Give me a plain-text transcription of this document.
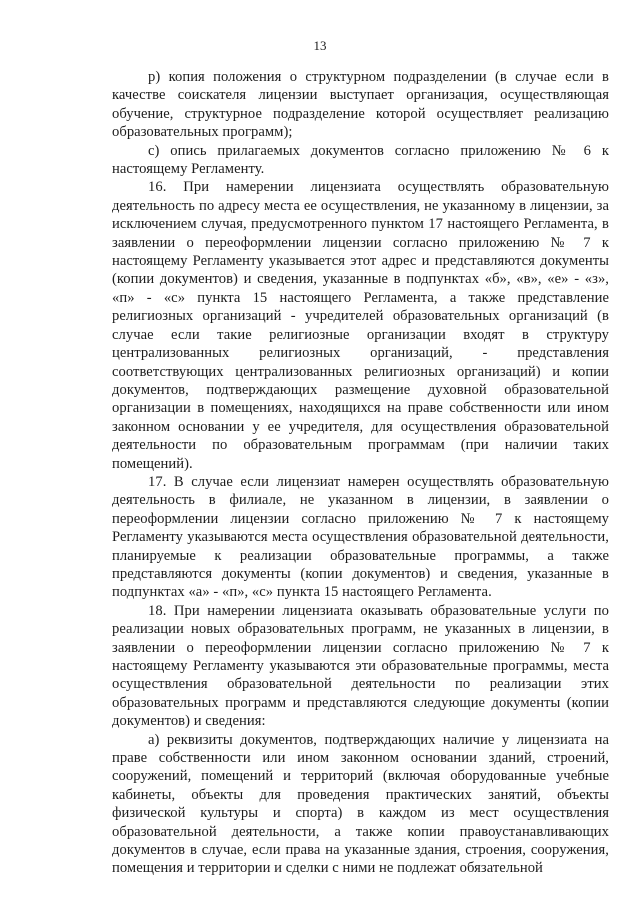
13

р) копия положения о структурном подразделении (в случае если в качестве соискателя лицензии выступает организация, осуществляющая обучение, структурное подразделение которой осуществляет реализацию образовательных программ);

с) опись прилагаемых документов согласно приложению № 6 к настоящему Регламенту.

16. При намерении лицензиата осуществлять образовательную деятельность по адресу места ее осуществления, не указанному в лицензии, за исключением случая, предусмотренного пунктом 17 настоящего Регламента, в заявлении о переоформлении лицензии согласно приложению № 7 к настоящему Регламенту указывается этот адрес и представляются документы (копии документов) и сведения, указанные в подпунктах «б», «в», «е» - «з», «п» - «с» пункта 15 настоящего Регламента, а также представление религиозных организаций - учредителей образовательных организаций (в случае если такие религиозные организации входят в структуру централизованных религиозных организаций, - представления соответствующих централизованных религиозных организаций) и копии документов, подтверждающих размещение духовной образовательной организации в помещениях, находящихся на праве собственности или ином законном основании у ее учредителя, для осуществления образовательной деятельности по образовательным программам (при наличии таких помещений).

17. В случае если лицензиат намерен осуществлять образовательную деятельность в филиале, не указанном в лицензии, в заявлении о переоформлении лицензии согласно приложению № 7 к настоящему Регламенту указываются места осуществления образовательной деятельности, планируемые к реализации образовательные программы, а также представляются документы (копии документов) и сведения, указанные в подпунктах «а» - «п», «с» пункта 15 настоящего Регламента.

18. При намерении лицензиата оказывать образовательные услуги по реализации новых образовательных программ, не указанных в лицензии, в заявлении о переоформлении лицензии согласно приложению № 7 к настоящему Регламенту указываются эти образовательные программы, места осуществления образовательной деятельности по реализации этих образовательных программ и представляются следующие документы (копии документов) и сведения:

а) реквизиты документов, подтверждающих наличие у лицензиата на праве собственности или ином законном основании зданий, строений, сооружений, помещений и территорий (включая оборудованные учебные кабинеты, объекты для проведения практических занятий, объекты физической культуры и спорта) в каждом из мест осуществления образовательной деятельности, а также копии правоустанавливающих документов в случае, если права на указанные здания, строения, сооружения, помещения и территории и сделки с ними не подлежат обязательной
